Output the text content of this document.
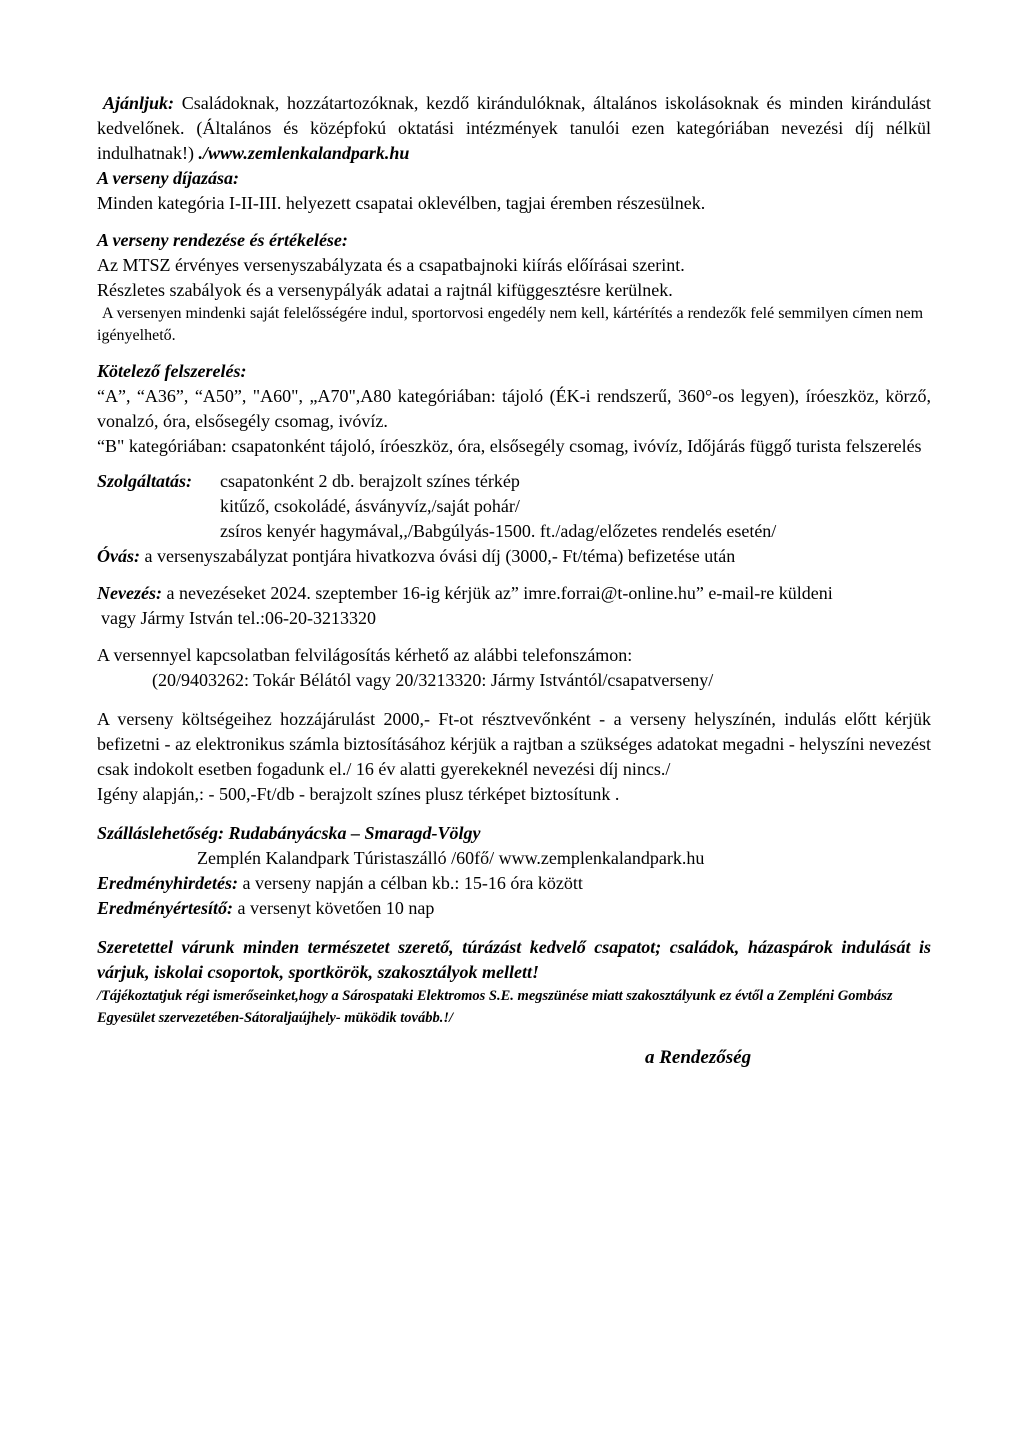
Ajánljuk: Családoknak, hozzátartozóknak, kezdő kirándulóknak, általános iskolásoknak és minden kirándulást kedvelőnek. (Általános és középfokú oktatási intézmények tanulói ezen kategóriában nevezési díj nélkül indulhatnak!) ./www.zemlenkalandpark.hu

A verseny díjazása:

Minden kategória I-II-III. helyezett csapatai oklevélben, tagjai éremben részesülnek.

A verseny rendezése és értékelése:

Az MTSZ érvényes versenyszabályzata és a csapatbajnoki kiírás előírásai szerint.

Részletes szabályok és a versenypályák adatai a rajtnál kifüggesztésre kerülnek.

A versenyen mindenki saját felelősségére indul, sportorvosi engedély nem kell, kártérítés a rendezők felé semmilyen címen nem igényelhető.

Kötelező felszerelés:

“A”, “A36”, “A50”, "A60", „A70",A80 kategóriában: tájoló (ÉK-i rendszerű, 360°-os legyen), íróeszköz, körző, vonalzó, óra, elsősegély csomag, ivóvíz.

“B" kategóriában: csapatonként tájoló, íróeszköz, óra, elsősegély csomag, ivóvíz, Időjárás függő turista felszerelés

Szolgáltatás:	csapatonként 2 db. berajzolt színes térkép

kitűző, csokoládé, ásványvíz,/saját pohár/

zsíros kenyér hagymával,,/Babgúlyás-1500. ft./adag/előzetes rendelés esetén/

Óvás: a versenyszabályzat pontjára hivatkozva óvási díj (3000,- Ft/téma) befizetése után

Nevezés: a nevezéseket 2024. szeptember 16-ig kérjük az” imre.forrai@t-online.hu” e-mail-re küldeni

vagy Jármy István tel.:06-20-3213320

A versennyel kapcsolatban felvilágosítás kérhető az alábbi telefonszámon:

(20/9403262: Tokár Bélától vagy 20/3213320: Jármy Istvántól/csapatverseny/

A verseny költségeihez hozzájárulást 2000,- Ft-ot résztvevőnként - a verseny helyszínén, indulás előtt kérjük befizetni - az elektronikus számla biztosításához kérjük a rajtban a szükséges adatokat megadni - helyszíni nevezést csak indokolt esetben fogadunk el./ 16 év alatti gyerekeknél nevezési díj nincs./

Igény alapján,: - 500,-Ft/db - berajzolt színes plusz térképet biztosítunk .

Szálláslehetőség: Rudabányácska – Smaragd-Völgy

Zemplén Kalandpark Túristaszálló /60fő/ www.zemplenkalandpark.hu

Eredményhirdetés: a verseny napján a célban kb.: 15-16 óra között

Eredményértesítő: a versenyt követően 10 nap

Szeretettel várunk minden természetet szerető, túrázást kedvelő csapatot; családok, házaspárok indulását is várjuk, iskolai csoportok, sportkörök, szakosztályok mellett!

/Tájékoztatjuk régi ismerőseinket,hogy a Sárospataki Elektromos S.E. megszünése miatt szakosztályunk ez évtől a Zempléni Gombász

Egyesület szervezetében-Sátoraljaújhely- müködik tovább.!/

a Rendezőség
